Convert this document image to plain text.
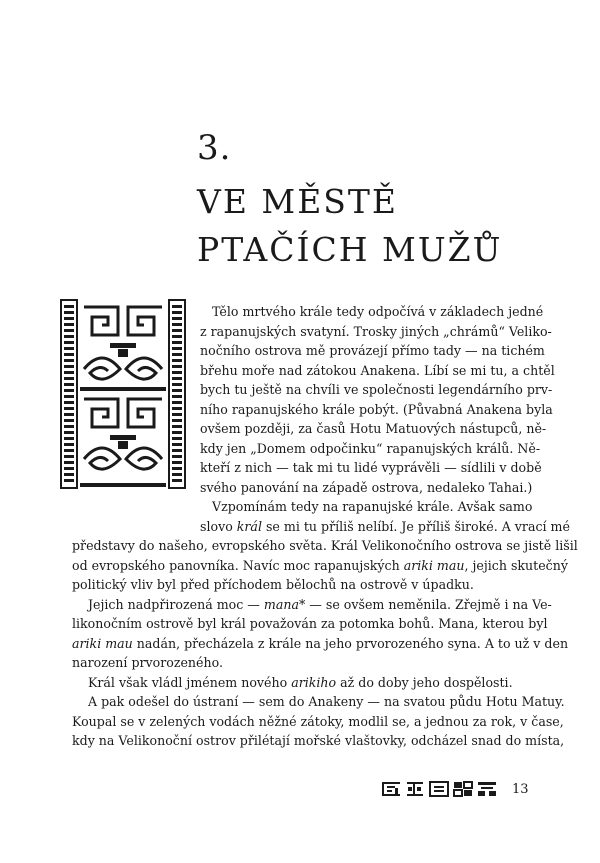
3.
VE MĚSTĚ
PTAČÍCH MUŽŮ
Tělo mrtvého krále tedy odpočívá v základech jedné
z rapanujských svatyní. Trosky jiných „chrámů“ Veliko-
nočního ostrova mě provázejí přímo tady — na tichém
břehu moře nad zátokou Anakena. Líbí se mi tu, a chtěl
bych tu ještě na chvíli ve společnosti legendárního prv-
ního rapanujského krále pobýt. (Půvabná Anakena byla
ovšem později, za časů Hotu Matuových nástupců, ně-
kdy jen „Domem odpočinku“ rapanujských králů. Ně-
kteří z nich — tak mi tu lidé vyprávěli — sídlili v době
svého panování na západě ostrova, nedaleko Tahai.)
Vzpomínám tedy na rapanujské krále. Avšak samo
slovo král se mi tu příliš nelíbí. Je příliš široké. A vrací mé
představy do našeho, evropského světa. Král Velikonočního ostrova se jistě lišil
od evropského panovníka. Navíc moc rapanujských ariki mau, jejich skutečný
politický vliv byl před příchodem bělochů na ostrově v úpadku.
Jejich nadpřirozená moc — mana* — se ovšem neměnila. Zřejmě i na Ve-
likonočním ostrově byl král považován za potomka bohů. Mana, kterou byl
ariki mau nadán, přecházela z krále na jeho prvorozeného syna. A to už v den
narození prvorozeného.
Král však vládl jménem nového arikiho až do doby jeho dospělosti.
A pak odešel do ústraní — sem do Anakeny — na svatou půdu Hotu Matuy.
Koupal se v zelených vodách něžné zátoky, modlil se, a jednou za rok, v čase,
kdy na Velikonoční ostrov přilétají mořské vlaštovky, odcházel snad do místa,
13
